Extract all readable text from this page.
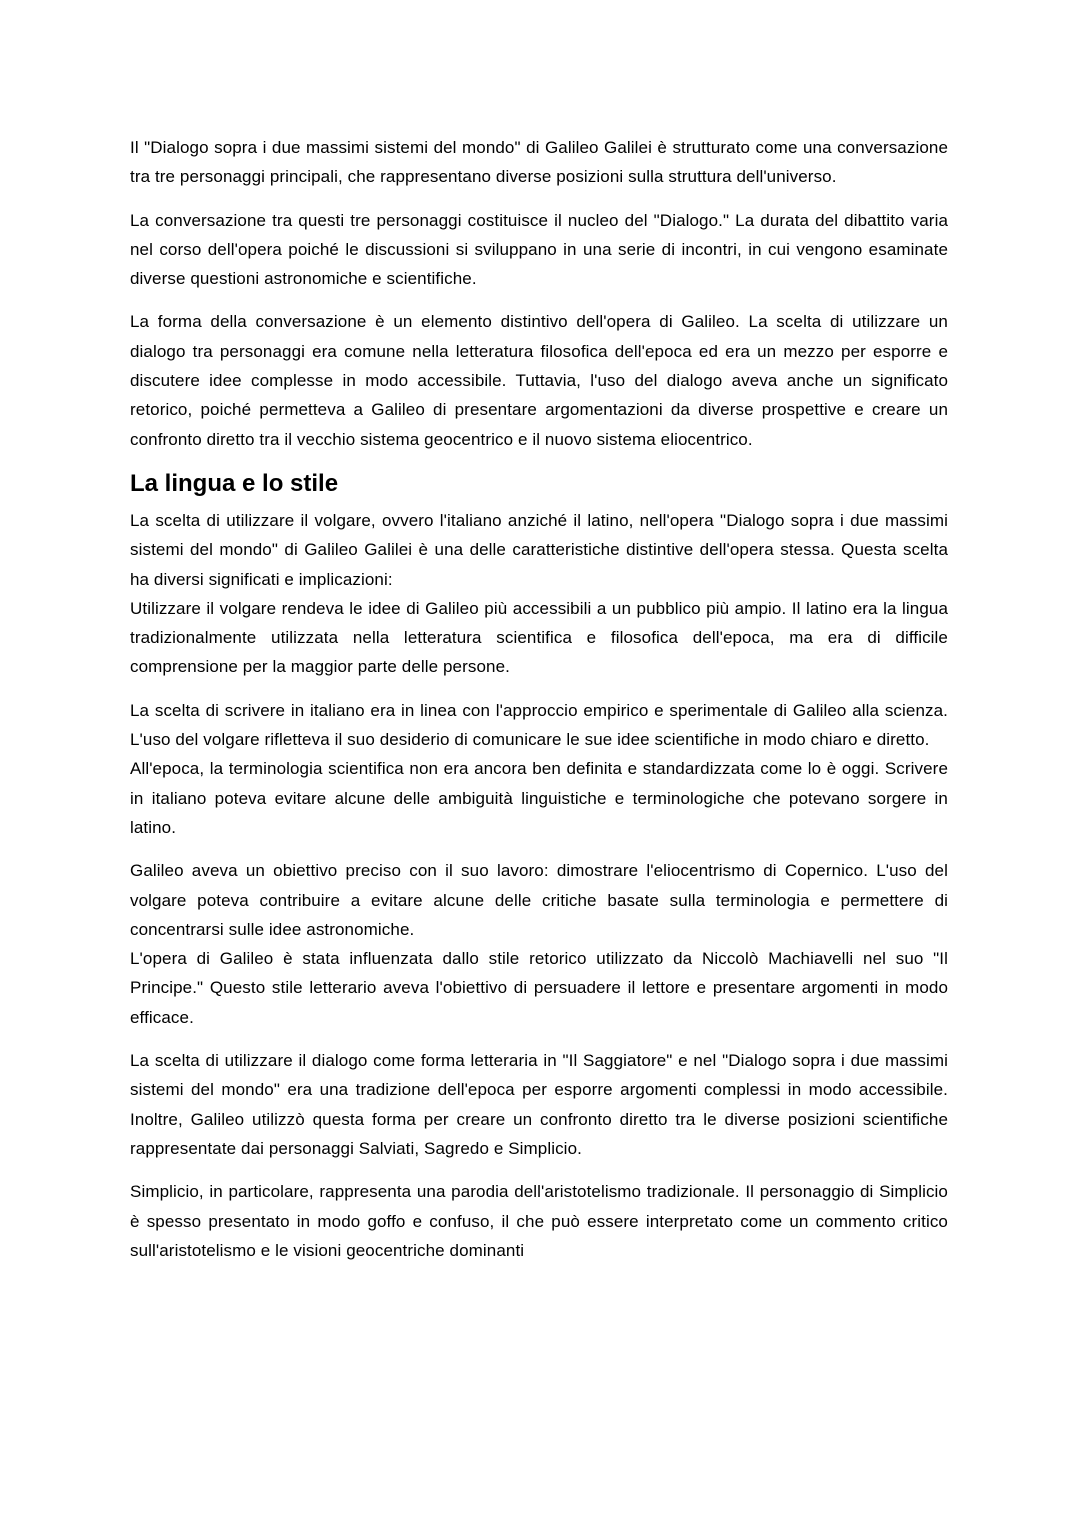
Il "Dialogo sopra i due massimi sistemi del mondo" di Galileo Galilei è strutturato come una conversazione tra tre personaggi principali, che rappresentano diverse posizioni sulla struttura dell'universo.

La conversazione tra questi tre personaggi costituisce il nucleo del "Dialogo." La durata del dibattito varia nel corso dell'opera poiché le discussioni si sviluppano in una serie di incontri, in cui vengono esaminate diverse questioni astronomiche e scientifiche.

La forma della conversazione è un elemento distintivo dell'opera di Galileo. La scelta di utilizzare un dialogo tra personaggi era comune nella letteratura filosofica dell'epoca ed era un mezzo per esporre e discutere idee complesse in modo accessibile. Tuttavia, l'uso del dialogo aveva anche un significato retorico, poiché permetteva a Galileo di presentare argomentazioni da diverse prospettive e creare un confronto diretto tra il vecchio sistema geocentrico e il nuovo sistema eliocentrico.

La lingua e lo stile

La scelta di utilizzare il volgare, ovvero l'italiano anziché il latino, nell'opera "Dialogo sopra i due massimi sistemi del mondo" di Galileo Galilei è una delle caratteristiche distintive dell'opera stessa. Questa scelta ha diversi significati e implicazioni:

Utilizzare il volgare rendeva le idee di Galileo più accessibili a un pubblico più ampio. Il latino era la lingua tradizionalmente utilizzata nella letteratura scientifica e filosofica dell'epoca, ma era di difficile comprensione per la maggior parte delle persone.

La scelta di scrivere in italiano era in linea con l'approccio empirico e sperimentale di Galileo alla scienza. L'uso del volgare rifletteva il suo desiderio di comunicare le sue idee scientifiche in modo chiaro e diretto.

All'epoca, la terminologia scientifica non era ancora ben definita e standardizzata come lo è oggi. Scrivere in italiano poteva evitare alcune delle ambiguità linguistiche e terminologiche che potevano sorgere in latino.

Galileo aveva un obiettivo preciso con il suo lavoro: dimostrare l'eliocentrismo di Copernico. L'uso del volgare poteva contribuire a evitare alcune delle critiche basate sulla terminologia e permettere di concentrarsi sulle idee astronomiche.

L'opera di Galileo è stata influenzata dallo stile retorico utilizzato da Niccolò Machiavelli nel suo "Il Principe." Questo stile letterario aveva l'obiettivo di persuadere il lettore e presentare argomenti in modo efficace.

La scelta di utilizzare il dialogo come forma letteraria in "Il Saggiatore" e nel "Dialogo sopra i due massimi sistemi del mondo" era una tradizione dell'epoca per esporre argomenti complessi in modo accessibile. Inoltre, Galileo utilizzò questa forma per creare un confronto diretto tra le diverse posizioni scientifiche rappresentate dai personaggi Salviati, Sagredo e Simplicio.

Simplicio, in particolare, rappresenta una parodia dell'aristotelismo tradizionale. Il personaggio di Simplicio è spesso presentato in modo goffo e confuso, il che può essere interpretato come un commento critico sull'aristotelismo e le visioni geocentriche dominanti
